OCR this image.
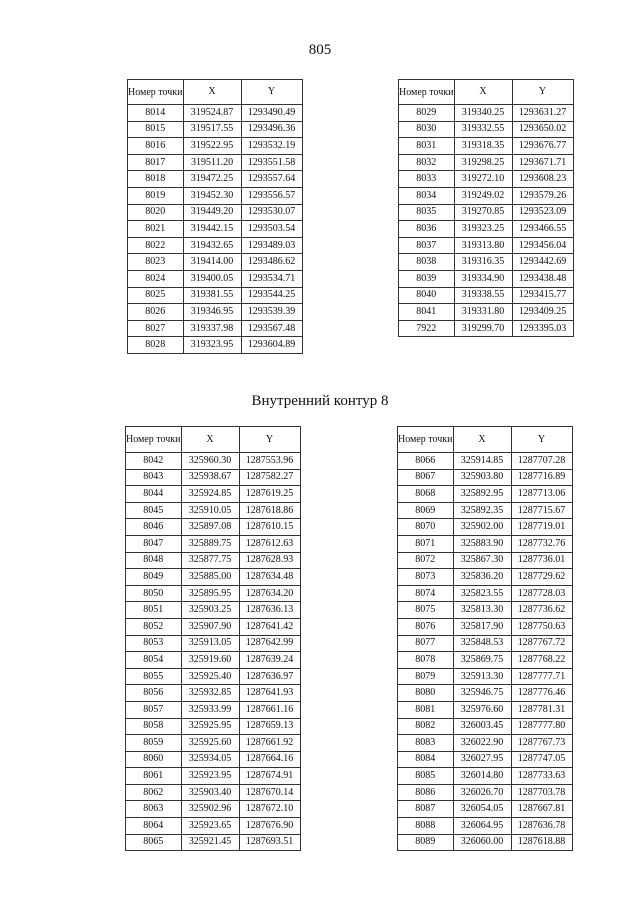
805
Номер точки	X	Y
8014	319524.87	1293490.49
8015	319517.55	1293496.36
8016	319522.95	1293532.19
8017	319511.20	1293551.58
8018	319472.25	1293557.64
8019	319452.30	1293556.57
8020	319449.20	1293530.07
8021	319442.15	1293503.54
8022	319432.65	1293489.03
8023	319414.00	1293486.62
8024	319400.05	1293534.71
8025	319381.55	1293544.25
8026	319346.95	1293539.39
8027	319337.98	1293567.48
8028	319323.95	1293604.89
Номер точки	X	Y
8029	319340.25	1293631.27
8030	319332.55	1293650.02
8031	319318.35	1293676.77
8032	319298.25	1293671.71
8033	319272.10	1293608.23
8034	319249.02	1293579.26
8035	319270.85	1293523.09
8036	319323.25	1293466.55
8037	319313.80	1293456.04
8038	319316.35	1293442.69
8039	319334.90	1293438.48
8040	319338.55	1293415.77
8041	319331.80	1293409.25
7922	319299.70	1293395.03
Внутренний контур 8
Номер точки	X	Y
8042	325960.30	1287553.96
8043	325938.67	1287582.27
8044	325924.85	1287619.25
8045	325910.05	1287618.86
8046	325897.08	1287610.15
8047	325889.75	1287612.63
8048	325877.75	1287628.93
8049	325885.00	1287634.48
8050	325895.95	1287634.20
8051	325903.25	1287636.13
8052	325907.90	1287641.42
8053	325913.05	1287642.99
8054	325919.60	1287639.24
8055	325925.40	1287636.97
8056	325932.85	1287641.93
8057	325933.99	1287661.16
8058	325925.95	1287659.13
8059	325925.60	1287661.92
8060	325934.05	1287664.16
8061	325923.95	1287674.91
8062	325903.40	1287670.14
8063	325902.96	1287672.10
8064	325923.65	1287676.90
8065	325921.45	1287693.51
Номер точки	X	Y
8066	325914.85	1287707.28
8067	325903.80	1287716.89
8068	325892.95	1287713.06
8069	325892.35	1287715.67
8070	325902.00	1287719.01
8071	325883.90	1287732.76
8072	325867.30	1287736.01
8073	325836.20	1287729.62
8074	325823.55	1287728.03
8075	325813.30	1287736.62
8076	325817.90	1287750.63
8077	325848.53	1287767.72
8078	325869.75	1287768.22
8079	325913.30	1287777.71
8080	325946.75	1287776.46
8081	325976.60	1287781.31
8082	326003.45	1287777.80
8083	326022.90	1287767.73
8084	326027.95	1287747.05
8085	326014.80	1287733.63
8086	326026.70	1287703.78
8087	326054.05	1287667.81
8088	326064.95	1287636.78
8089	326060.00	1287618.88
